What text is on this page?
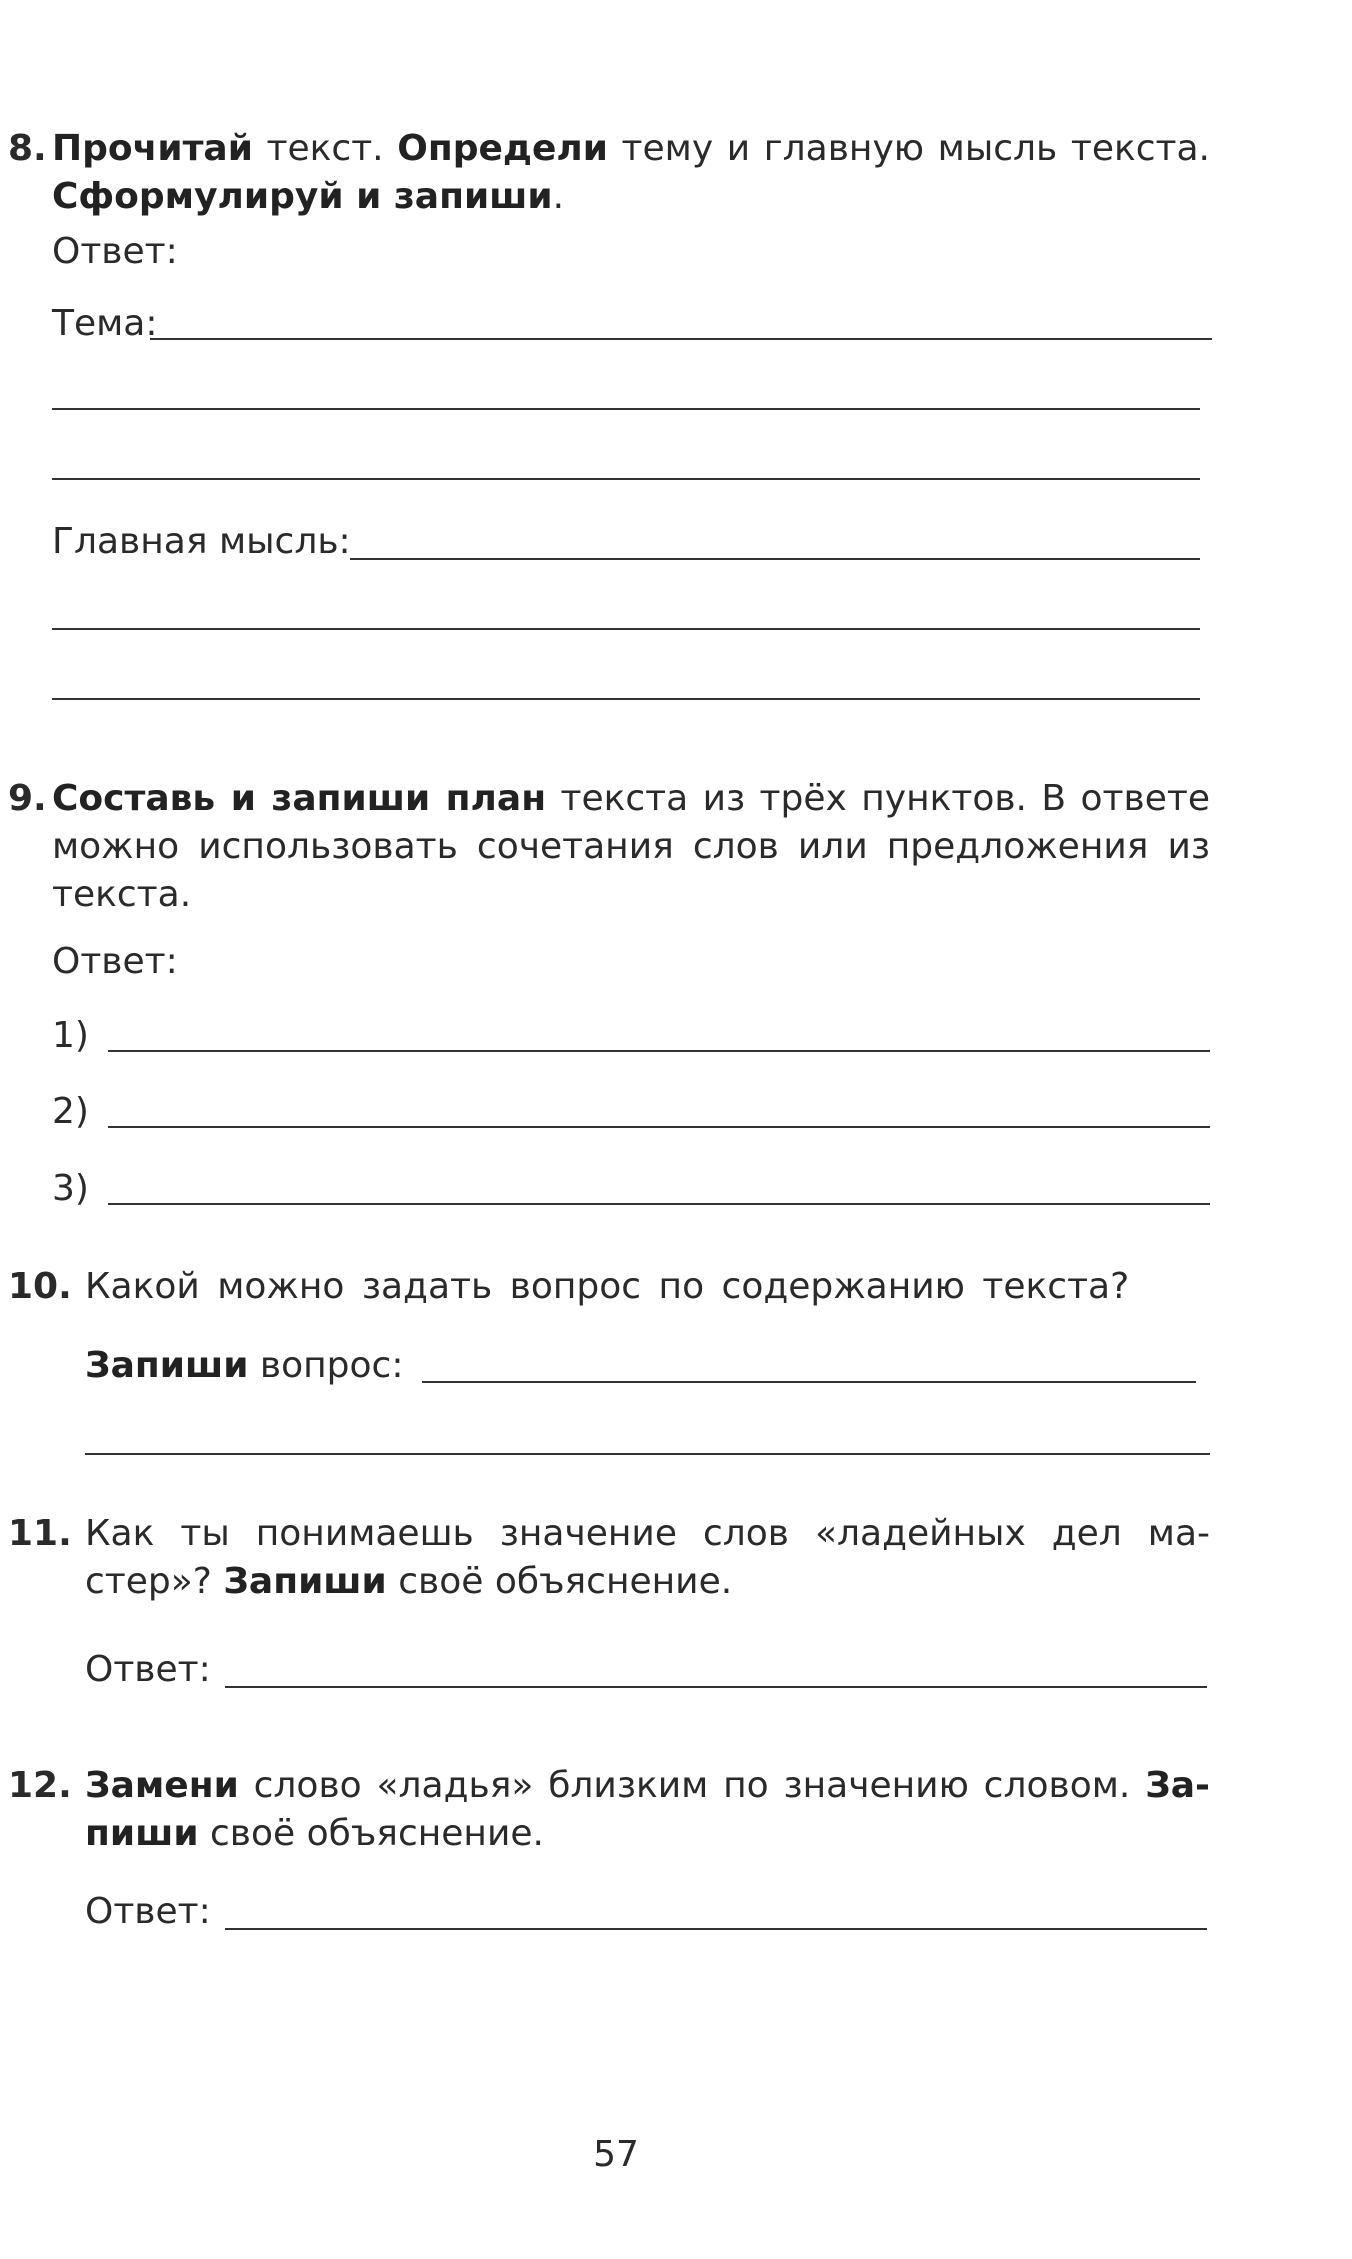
8. Прочитай текст. Определи тему и главную мысль текста.
Сформулируй и запиши.
Ответ:
Тема:
Главная мысль:
9. Составь и запиши план текста из трёх пунктов. В ответе
можно использовать сочетания слов или предложения из
текста.
Ответ:
1)
2)
3)
10. Какой можно задать вопрос по содержанию текста?
Запиши вопрос:
11. Как ты понимаешь значение слов «ладейных дел ма-
стер»? Запиши своё объяснение.
Ответ:
12. Замени слово «ладья» близким по значению словом. За-
пиши своё объяснение.
Ответ:
57
